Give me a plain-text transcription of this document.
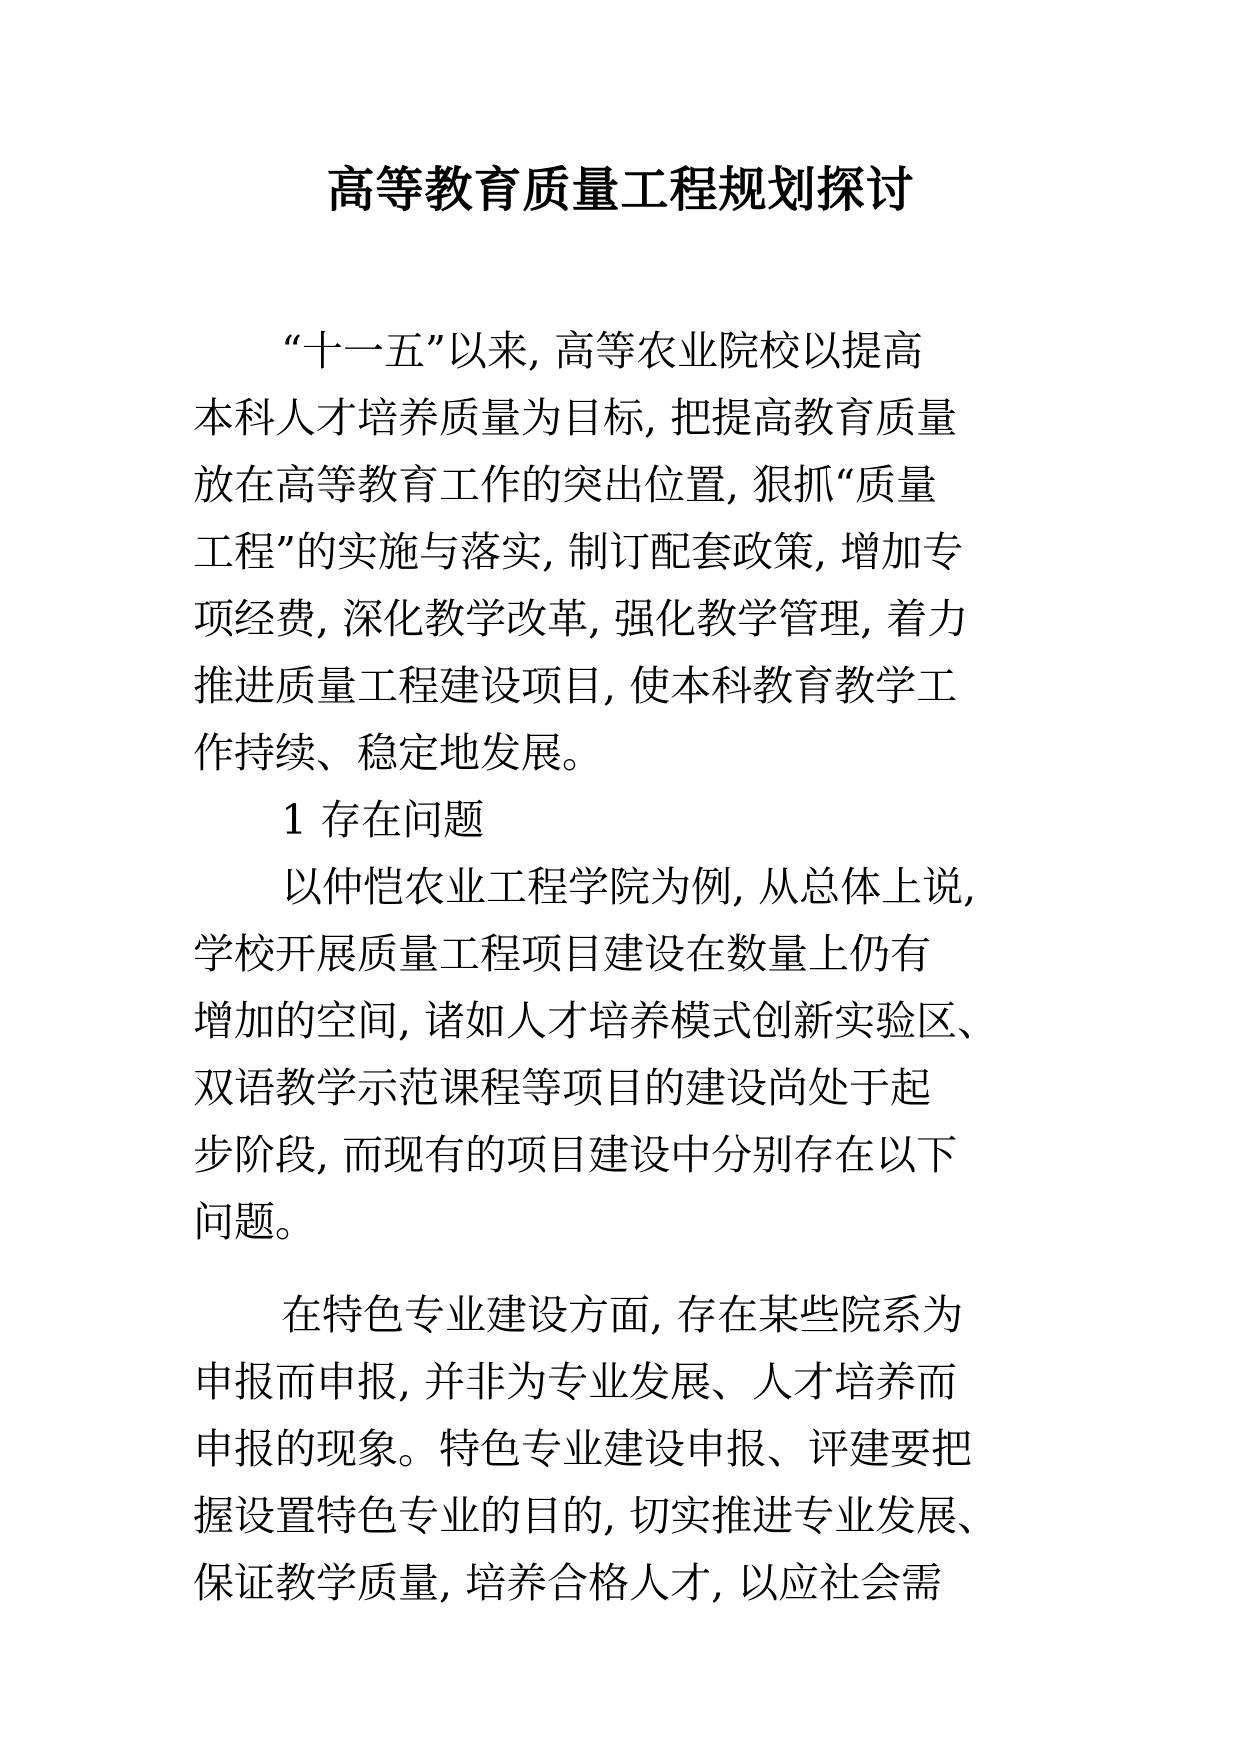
高等教育质量工程规划探讨
“十一五”以来, 高等农业院校以提高
本科人才培养质量为目标, 把提高教育质量
放在高等教育工作的突出位置, 狠抓“质量
工程”的实施与落实, 制订配套政策, 增加专
项经费, 深化教学改革, 强化教学管理, 着力
推进质量工程建设项目, 使本科教育教学工
作持续、稳定地发展。
1 存在问题
以仲恺农业工程学院为例, 从总体上说,
学校开展质量工程项目建设在数量上仍有
增加的空间, 诸如人才培养模式创新实验区、
双语教学示范课程等项目的建设尚处于起
步阶段, 而现有的项目建设中分别存在以下
问题。
在特色专业建设方面, 存在某些院系为
申报而申报, 并非为专业发展、人才培养而
申报的现象。特色专业建设申报、评建要把
握设置特色专业的目的, 切实推进专业发展、
保证教学质量, 培养合格人才, 以应社会需
